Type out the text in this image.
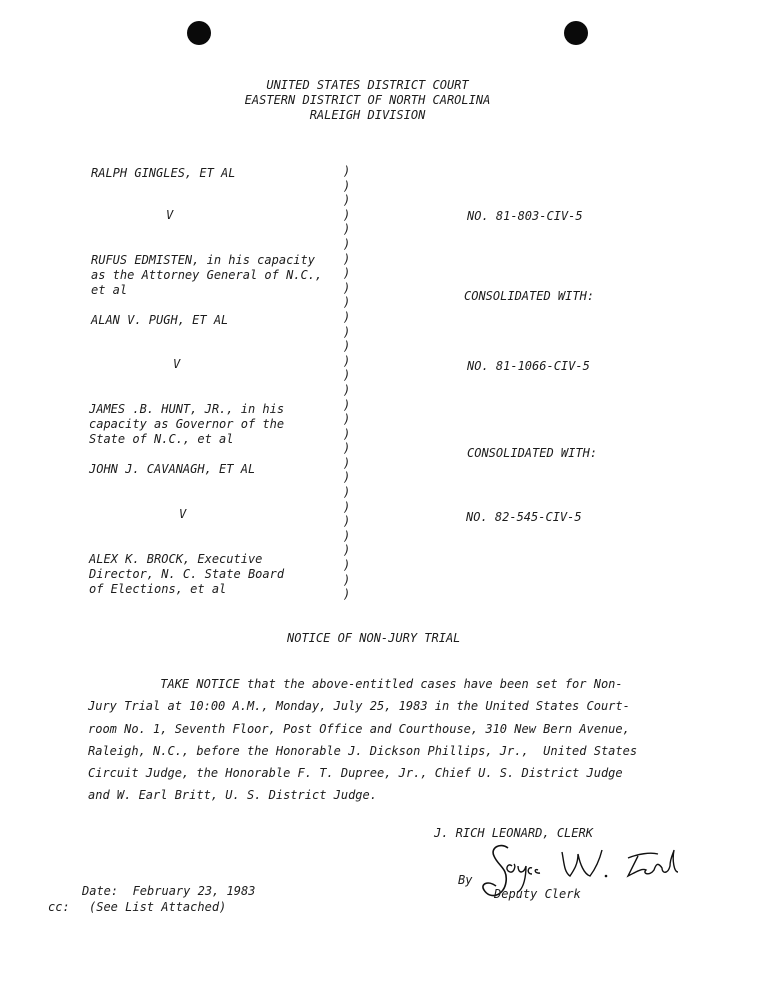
UNITED STATES DISTRICT COURT
EASTERN DISTRICT OF NORTH CAROLINA
RALEIGH DIVISION
RALPH GINGLES, ET AL
V
RUFUS EDMISTEN, in his capacity
as the Attorney General of N.C.,
et al
ALAN V. PUGH, ET AL
V
JAMES .B. HUNT, JR., in his
capacity as Governor of the
State of N.C., et al
JOHN J. CAVANAGH, ET AL
V
ALEX K. BROCK, Executive
Director, N. C. State Board
of Elections, et al
)
)
)
)
)
)
)
)
)
)
)
)
)
)
)
)
)
)
)
)
)
)
)
)
)
)
)
)
)
)
NO. 81-803-CIV-5
CONSOLIDATED WITH:
NO. 81-1066-CIV-5
CONSOLIDATED WITH:
NO. 82-545-CIV-5
NOTICE OF NON-JURY TRIAL
TAKE NOTICE that the above-entitled cases have been set for Non-
Jury Trial at 10:00 A.M., Monday, July 25, 1983 in the United States Court-
room No. 1, Seventh Floor, Post Office and Courthouse, 310 New Bern Avenue,
Raleigh, N.C., before the Honorable J. Dickson Phillips, Jr.,  United States
Circuit Judge, the Honorable F. T. Dupree, Jr., Chief U. S. District Judge
and W. Earl Britt, U. S. District Judge.
J. RICH LEONARD, CLERK
By
Deputy Clerk
Date:  February 23, 1983
cc: (See List Attached)
